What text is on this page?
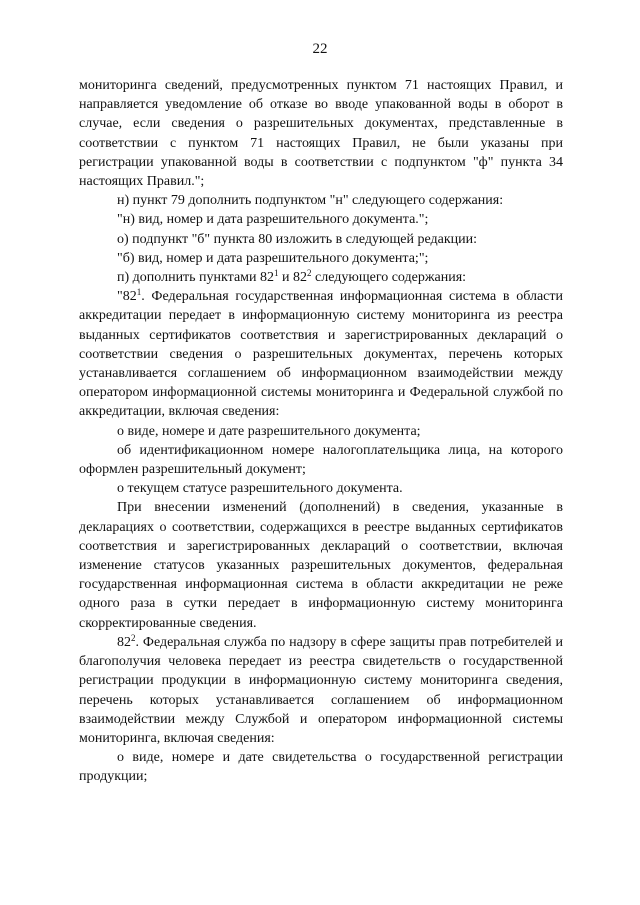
22

мониторинга сведений, предусмотренных пунктом 71 настоящих Правил, и направляется уведомление об отказе во вводе упакованной воды в оборот в случае, если сведения о разрешительных документах, представленные в соответствии с пунктом 71 настоящих Правил, не были указаны при регистрации упакованной воды в соответствии с подпунктом "ф" пункта 34 настоящих Правил.";

н) пункт 79 дополнить подпунктом "н" следующего содержания:

"н) вид, номер и дата разрешительного документа.";

о) подпункт "б" пункта 80 изложить в следующей редакции:

"б) вид, номер и дата разрешительного документа;";

п) дополнить пунктами $82^1$ и $82^2$ следующего содержания:

"$82^1$. Федеральная государственная информационная система в области аккредитации передает в информационную систему мониторинга из реестра выданных сертификатов соответствия и зарегистрированных деклараций о соответствии сведения о разрешительных документах, перечень которых устанавливается соглашением об информационном взаимодействии между оператором информационной системы мониторинга и Федеральной службой по аккредитации, включая сведения:

о виде, номере и дате разрешительного документа;

об идентификационном номере налогоплательщика лица, на которого оформлен разрешительный документ;

о текущем статусе разрешительного документа.

При внесении изменений (дополнений) в сведения, указанные в декларациях о соответствии, содержащихся в реестре выданных сертификатов соответствия и зарегистрированных деклараций о соответствии, включая изменение статусов указанных разрешительных документов, федеральная государственная информационная система в области аккредитации не реже одного раза в сутки передает в информационную систему мониторинга скорректированные сведения.

$82^2$. Федеральная служба по надзору в сфере защиты прав потребителей и благополучия человека передает из реестра свидетельств о государственной регистрации продукции в информационную систему мониторинга сведения, перечень которых устанавливается соглашением об информационном взаимодействии между Службой и оператором информационной системы мониторинга, включая сведения:

о виде, номере и дате свидетельства о государственной регистрации продукции;
